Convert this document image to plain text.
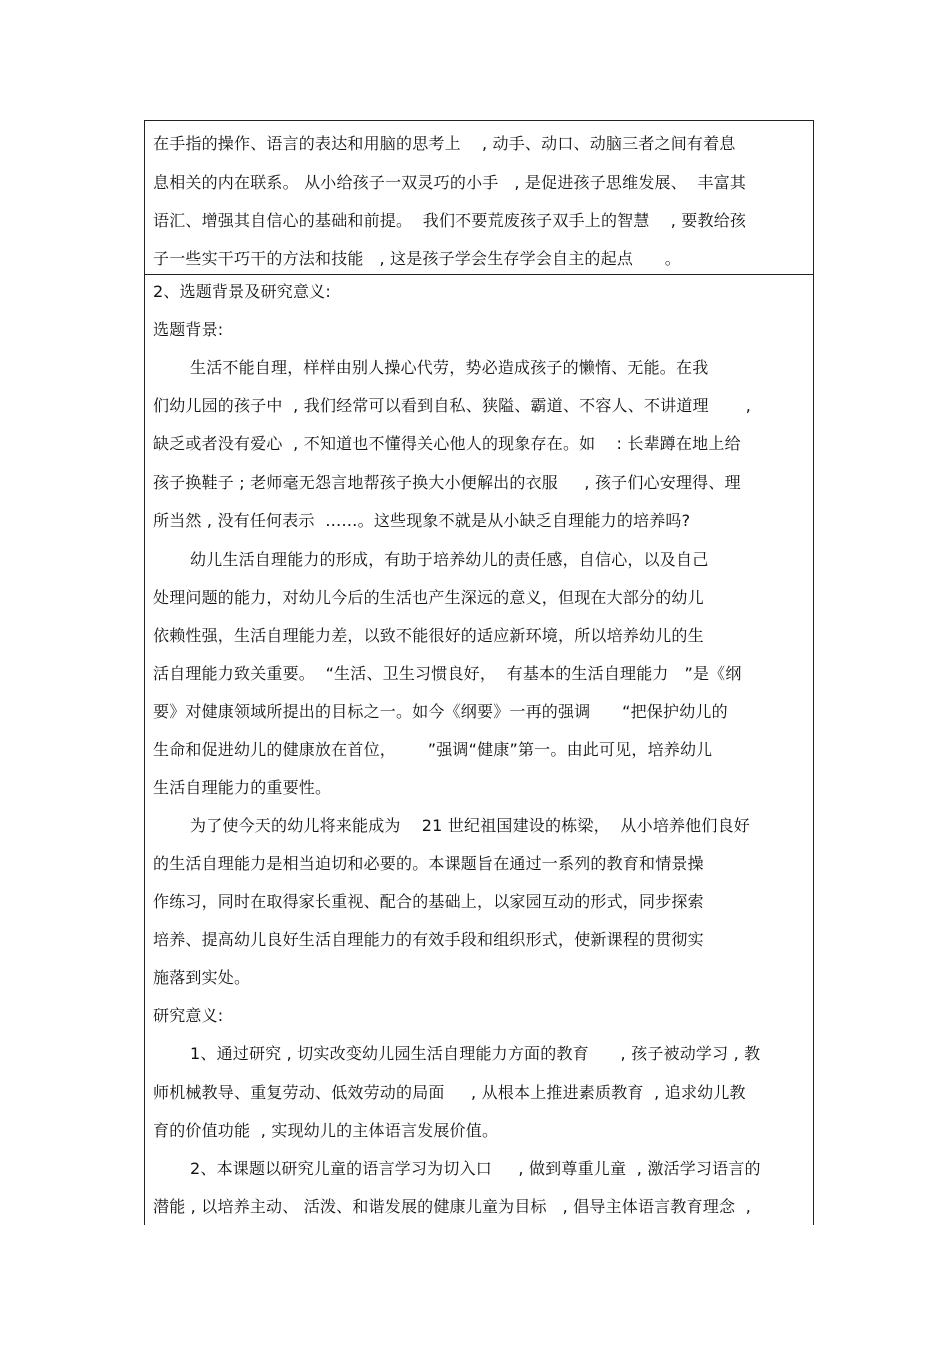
在手指的操作、语言的表达和用脑的思考上    , 动手、动口、动脑三者之间有着息
息相关的内在联系。 从小给孩子一双灵巧的小手   , 是促进孩子思维发展、  丰富其
语汇、增强其自信心的基础和前提。  我们不要荒废孩子双手上的智慧    , 要教给孩
子一些实干巧干的方法和技能   , 这是孩子学会生存学会自主的起点      。
2、选题背景及研究意义:
选题背景:
生活不能自理，样样由别人操心代劳，势必造成孩子的懒惰、无能。在我
们幼儿园的孩子中  , 我们经常可以看到自私、狭隘、霸道、不容人、不讲道理       ,
缺乏或者没有爱心  , 不知道也不懂得关心他人的现象存在。如    : 长辈蹲在地上给
孩子换鞋子 ; 老师毫无怨言地帮孩子换大小便解出的衣服     , 孩子们心安理得、理
所当然 , 没有任何表示  ……。这些现象不就是从小缺乏自理能力的培养吗?
幼儿生活自理能力的形成，有助于培养幼儿的责任感，自信心，以及自己
处理问题的能力，对幼儿今后的生活也产生深远的意义，但现在大部分的幼儿
依赖性强，生活自理能力差，以致不能很好的适应新环境，所以培养幼儿的生
活自理能力致关重要。  “生活、卫生习惯良好，  有基本的生活自理能力   ”是《纲
要》对健康领域所提出的目标之一。如今《纲要》一再的强调      “把保护幼儿的
生命和促进幼儿的健康放在首位，      ”强调“健康”第一。由此可见，培养幼儿
生活自理能力的重要性。
为了使今天的幼儿将来能成为    21 世纪祖国建设的栋梁，  从小培养他们良好
的生活自理能力是相当迫切和必要的。本课题旨在通过一系列的教育和情景操
作练习，同时在取得家长重视、配合的基础上，以家园互动的形式，同步探索
培养、提高幼儿良好生活自理能力的有效手段和组织形式，使新课程的贯彻实
施落到实处。
研究意义:
1、通过研究 , 切实改变幼儿园生活自理能力方面的教育      , 孩子被动学习 , 教
师机械教导、重复劳动、低效劳动的局面     , 从根本上推进素质教育  , 追求幼儿教
育的价值功能  , 实现幼儿的主体语言发展价值。
2、本课题以研究儿童的语言学习为切入口     , 做到尊重儿童  , 激活学习语言的
潜能 , 以培养主动、 活泼、和谐发展的健康儿童为目标   , 倡导主体语言教育理念  ,
